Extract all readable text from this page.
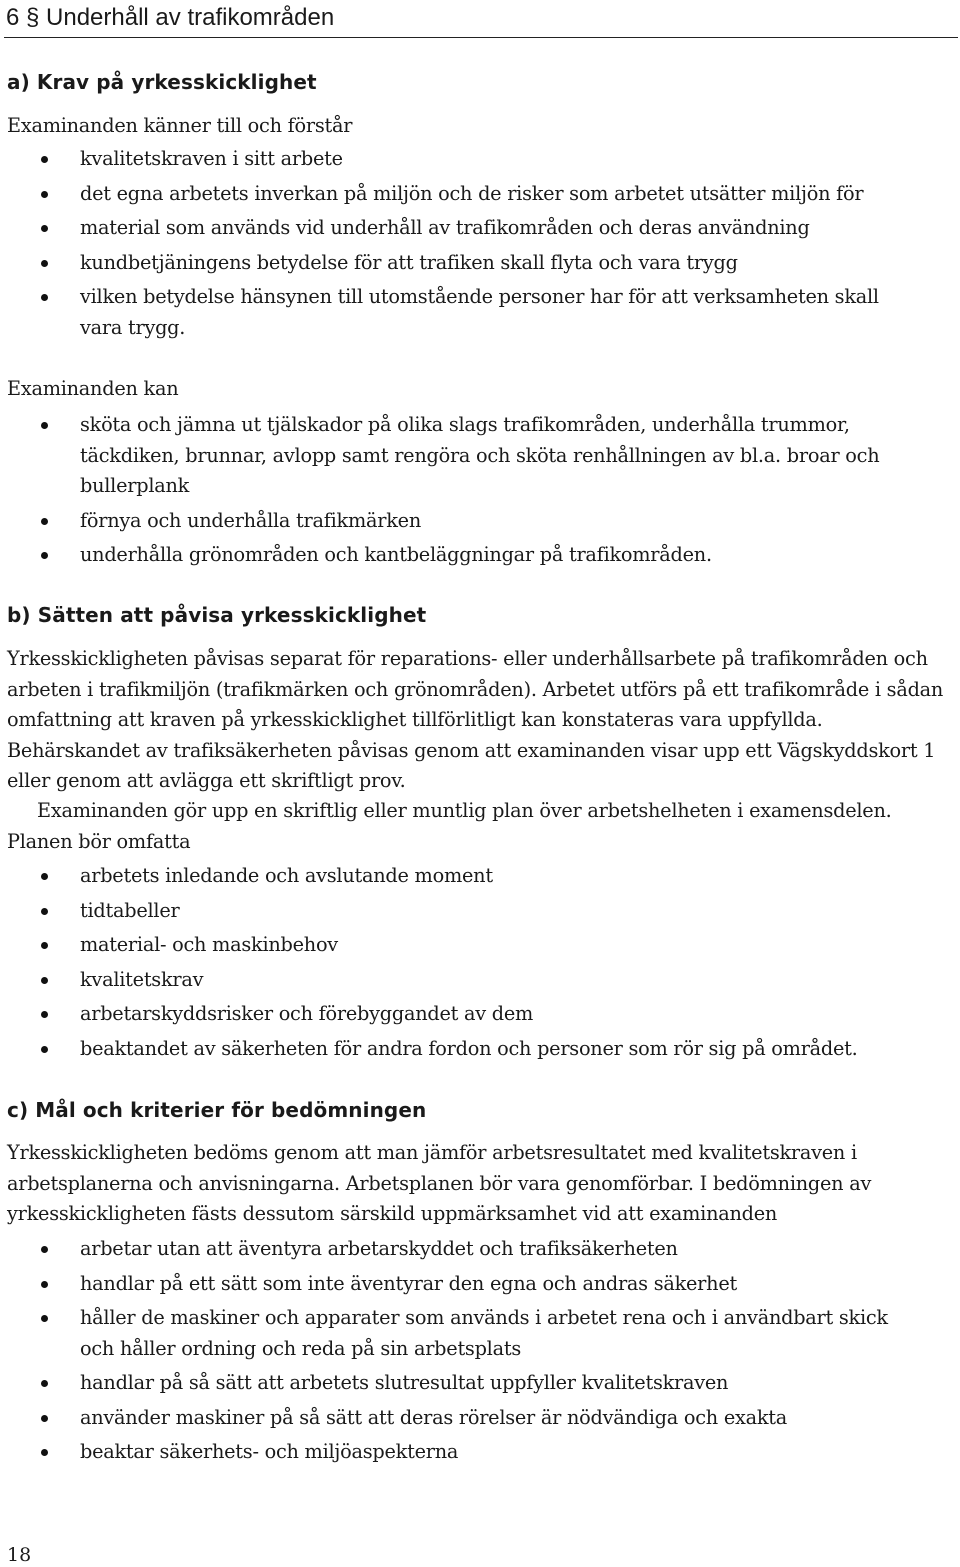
6 § Underhåll av trafikområden
a) Krav på yrkesskicklighet

Examinanden känner till och förstår

kvalitetskraven i sitt arbete
det egna arbetets inverkan på miljön och de risker som arbetet utsätter miljön för
material som används vid underhåll av trafikområden och deras användning
kundbetjäningens betydelse för att trafiken skall flyta och vara trygg
vilken betydelse hänsynen till utomstående personer har för att verksamheten skall vara trygg.

Examinanden kan

sköta och jämna ut tjälskador på olika slags trafikområden, underhålla trummor, täckdiken, brunnar, avlopp samt rengöra och sköta renhållningen av bl.a. broar och bullerplank
förnya och underhålla trafikmärken
underhålla grönområden och kantbeläggningar på trafikområden.
b) Sätten att påvisa yrkesskicklighet

Yrkesskickligheten påvisas separat för reparations- eller underhållsarbete på trafikområden och arbeten i trafikmiljön (trafikmärken och grönområden). Arbetet utförs på ett trafikområde i sådan omfattning att kraven på yrkesskicklighet tillförlitligt kan konstateras vara uppfyllda. Behärskandet av trafiksäkerheten påvisas genom att examinanden visar upp ett Vägskyddskort 1 eller genom att avlägga ett skriftligt prov.

Examinanden gör upp en skriftlig eller muntlig plan över arbetshelheten i examensdelen. Planen bör omfatta

arbetets inledande och avslutande moment
tidtabeller
material- och maskinbehov
kvalitetskrav
arbetarskyddsrisker och förebyggandet av dem
beaktandet av säkerheten för andra fordon och personer som rör sig på området.
c) Mål och kriterier för bedömningen

Yrkesskickligheten bedöms genom att man jämför arbetsresultatet med kvalitetskraven i arbetsplanerna och anvisningarna. Arbetsplanen bör vara genomförbar. I bedömningen av yrkesskickligheten fästs dessutom särskild uppmärksamhet vid att examinanden

arbetar utan att äventyra arbetarskyddet och trafiksäkerheten
handlar på ett sätt som inte äventyrar den egna och andras säkerhet
håller de maskiner och apparater som används i arbetet rena och i användbart skick och håller ordning och reda på sin arbetsplats
handlar på så sätt att arbetets slutresultat uppfyller kvalitetskraven
använder maskiner på så sätt att deras rörelser är nödvändiga och exakta
beaktar säkerhets- och miljöaspekterna
18
